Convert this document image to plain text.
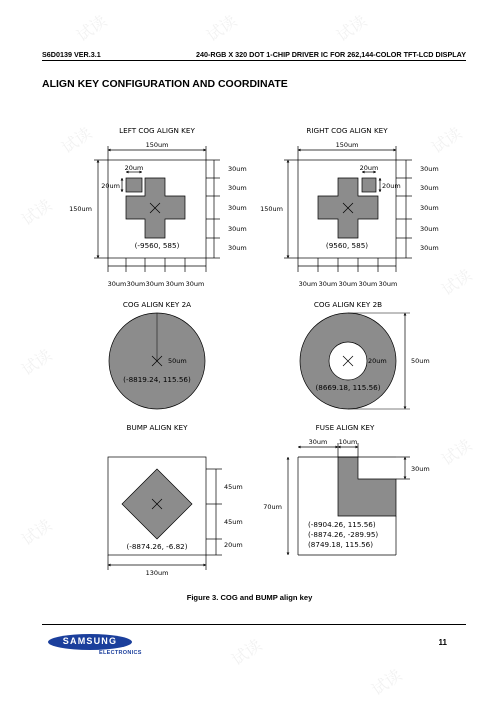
试读	试读	试读
试读	试读
试读
试读
试读
试读
试读
试读
试读
S6D0139 VER.3.1	240-RGB X 320 DOT 1-CHIP DRIVER IC FOR 262,144-COLOR TFT-LCD DISPLAY
ALIGN KEY CONFIGURATION AND COORDINATE
LEFT COG ALIGN KEY
150um
150um
20um
20um
30um
30um
30um
30um
30um
30um 30um 30um 30um 30um
(-9560, 585)
RIGHT COG ALIGN KEY
150um
150um
20um
20um
30um
30um
30um
30um
30um
30um 30um 30um 30um 30um
(9560, 585)
COG ALIGN KEY 2A
50um
(-8819.24, 115.56)
COG ALIGN KEY 2B
20um	50um
(8669.18, 115.56)
BUMP ALIGN KEY
45um
45um
20um
130um
(-8874.26, -6.82)
FUSE ALIGN KEY
30um 10um
70um
30um
(-8904.26, 115.56)
(-8874.26, -289.95)
(8749.18, 115.56)
Figure 3. COG and BUMP align key
SAMSUNG
ELECTRONICS
11
